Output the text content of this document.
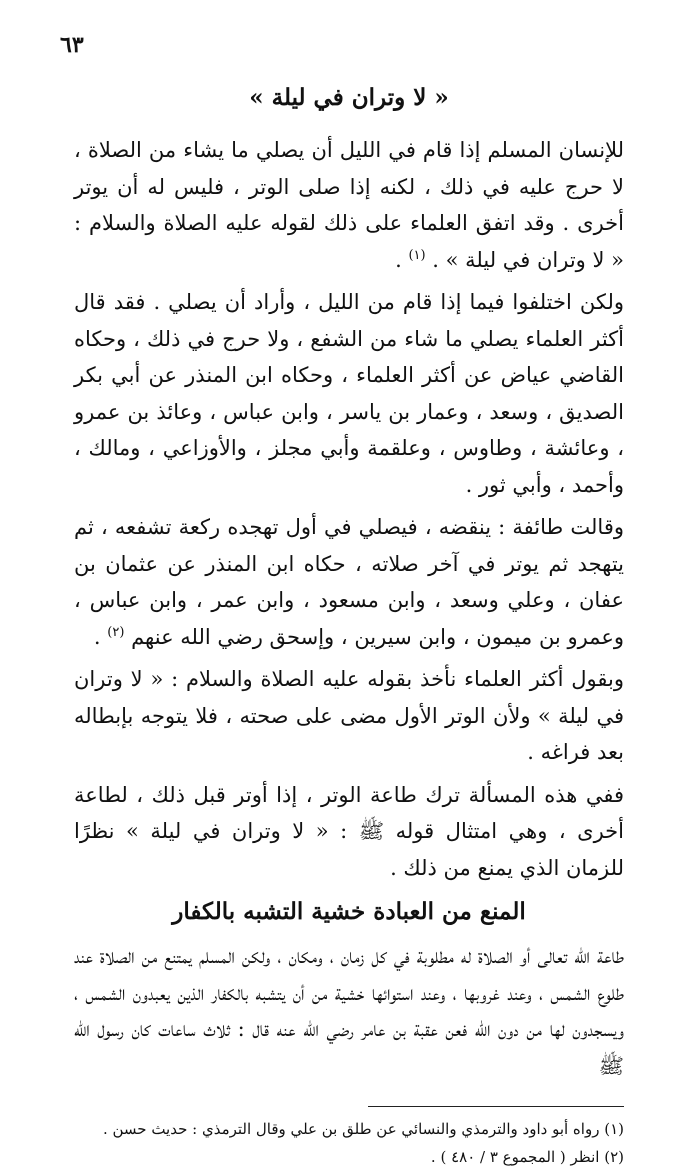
٦٣
« لا وتران في ليلة »

للإنسان المسلم إذا قام في الليل أن يصلي ما يشاء من الصلاة ، لا حرج عليه في ذلك ، لكنه إذا صلى الوتر ، فليس له أن يوتر أخرى . وقد اتفق العلماء على ذلك لقوله عليه الصلاة والسلام : « لا وتران في ليلة » . $^{(١)}$ .

ولكن اختلفوا فيما إذا قام من الليل ، وأراد أن يصلي . فقد قال أكثر العلماء يصلي ما شاء من الشفع ، ولا حرج في ذلك ، وحكاه القاضي عياض عن أكثر العلماء ، وحكاه ابن المنذر عن أبي بكر الصديق ، وسعد ، وعمار بن ياسر ، وابن عباس ، وعائذ بن عمرو ، وعائشة ، وطاوس ، وعلقمة وأبي مجلز ، والأوزاعي ، ومالك ، وأحمد ، وأبي ثور .

وقالت طائفة : ينقضه ، فيصلي في أول تهجده ركعة تشفعه ، ثم يتهجد ثم يوتر في آخر صلاته ، حكاه ابن المنذر عن عثمان بن عفان ، وعلي وسعد ، وابن مسعود ، وابن عمر ، وابن عباس ، وعمرو بن ميمون ، وابن سيرين ، وإسحق رضي الله عنهم $^{(٢)}$ .

وبقول أكثر العلماء نأخذ بقوله عليه الصلاة والسلام : « لا وتران في ليلة » ولأن الوتر الأول مضى على صحته ، فلا يتوجه بإبطاله بعد فراغه .

ففي هذه المسألة ترك طاعة الوتر ، إذا أوتر قبل ذلك ، لطاعة أخرى ، وهي امتثال قوله ﷺ : « لا وتران في ليلة » نظرًا للزمان الذي يمنع من ذلك .

المنع من العبادة خشية التشبه بالكفار

طاعة الله تعالى أو الصلاة له مطلوبة في كل زمان ، ومكان ، ولكن المسلم يمتنع من الصلاة عند طلوع الشمس ، وعند غروبها ، وعند استوائها خشية من أن يتشبه بالكفار الذين يعبدون الشمس ، ويسجدون لها من دون الله فعن عقبة بن عامر رضي الله عنه قال : ثلاث ساعات كان رسول الله ﷺ

(١) رواه أبو داود والترمذي والنسائي عن طلق بن علي وقال الترمذي : حديث حسن .

(٢) انظر ( المجموع ٣ / ٤٨٠ ) .
